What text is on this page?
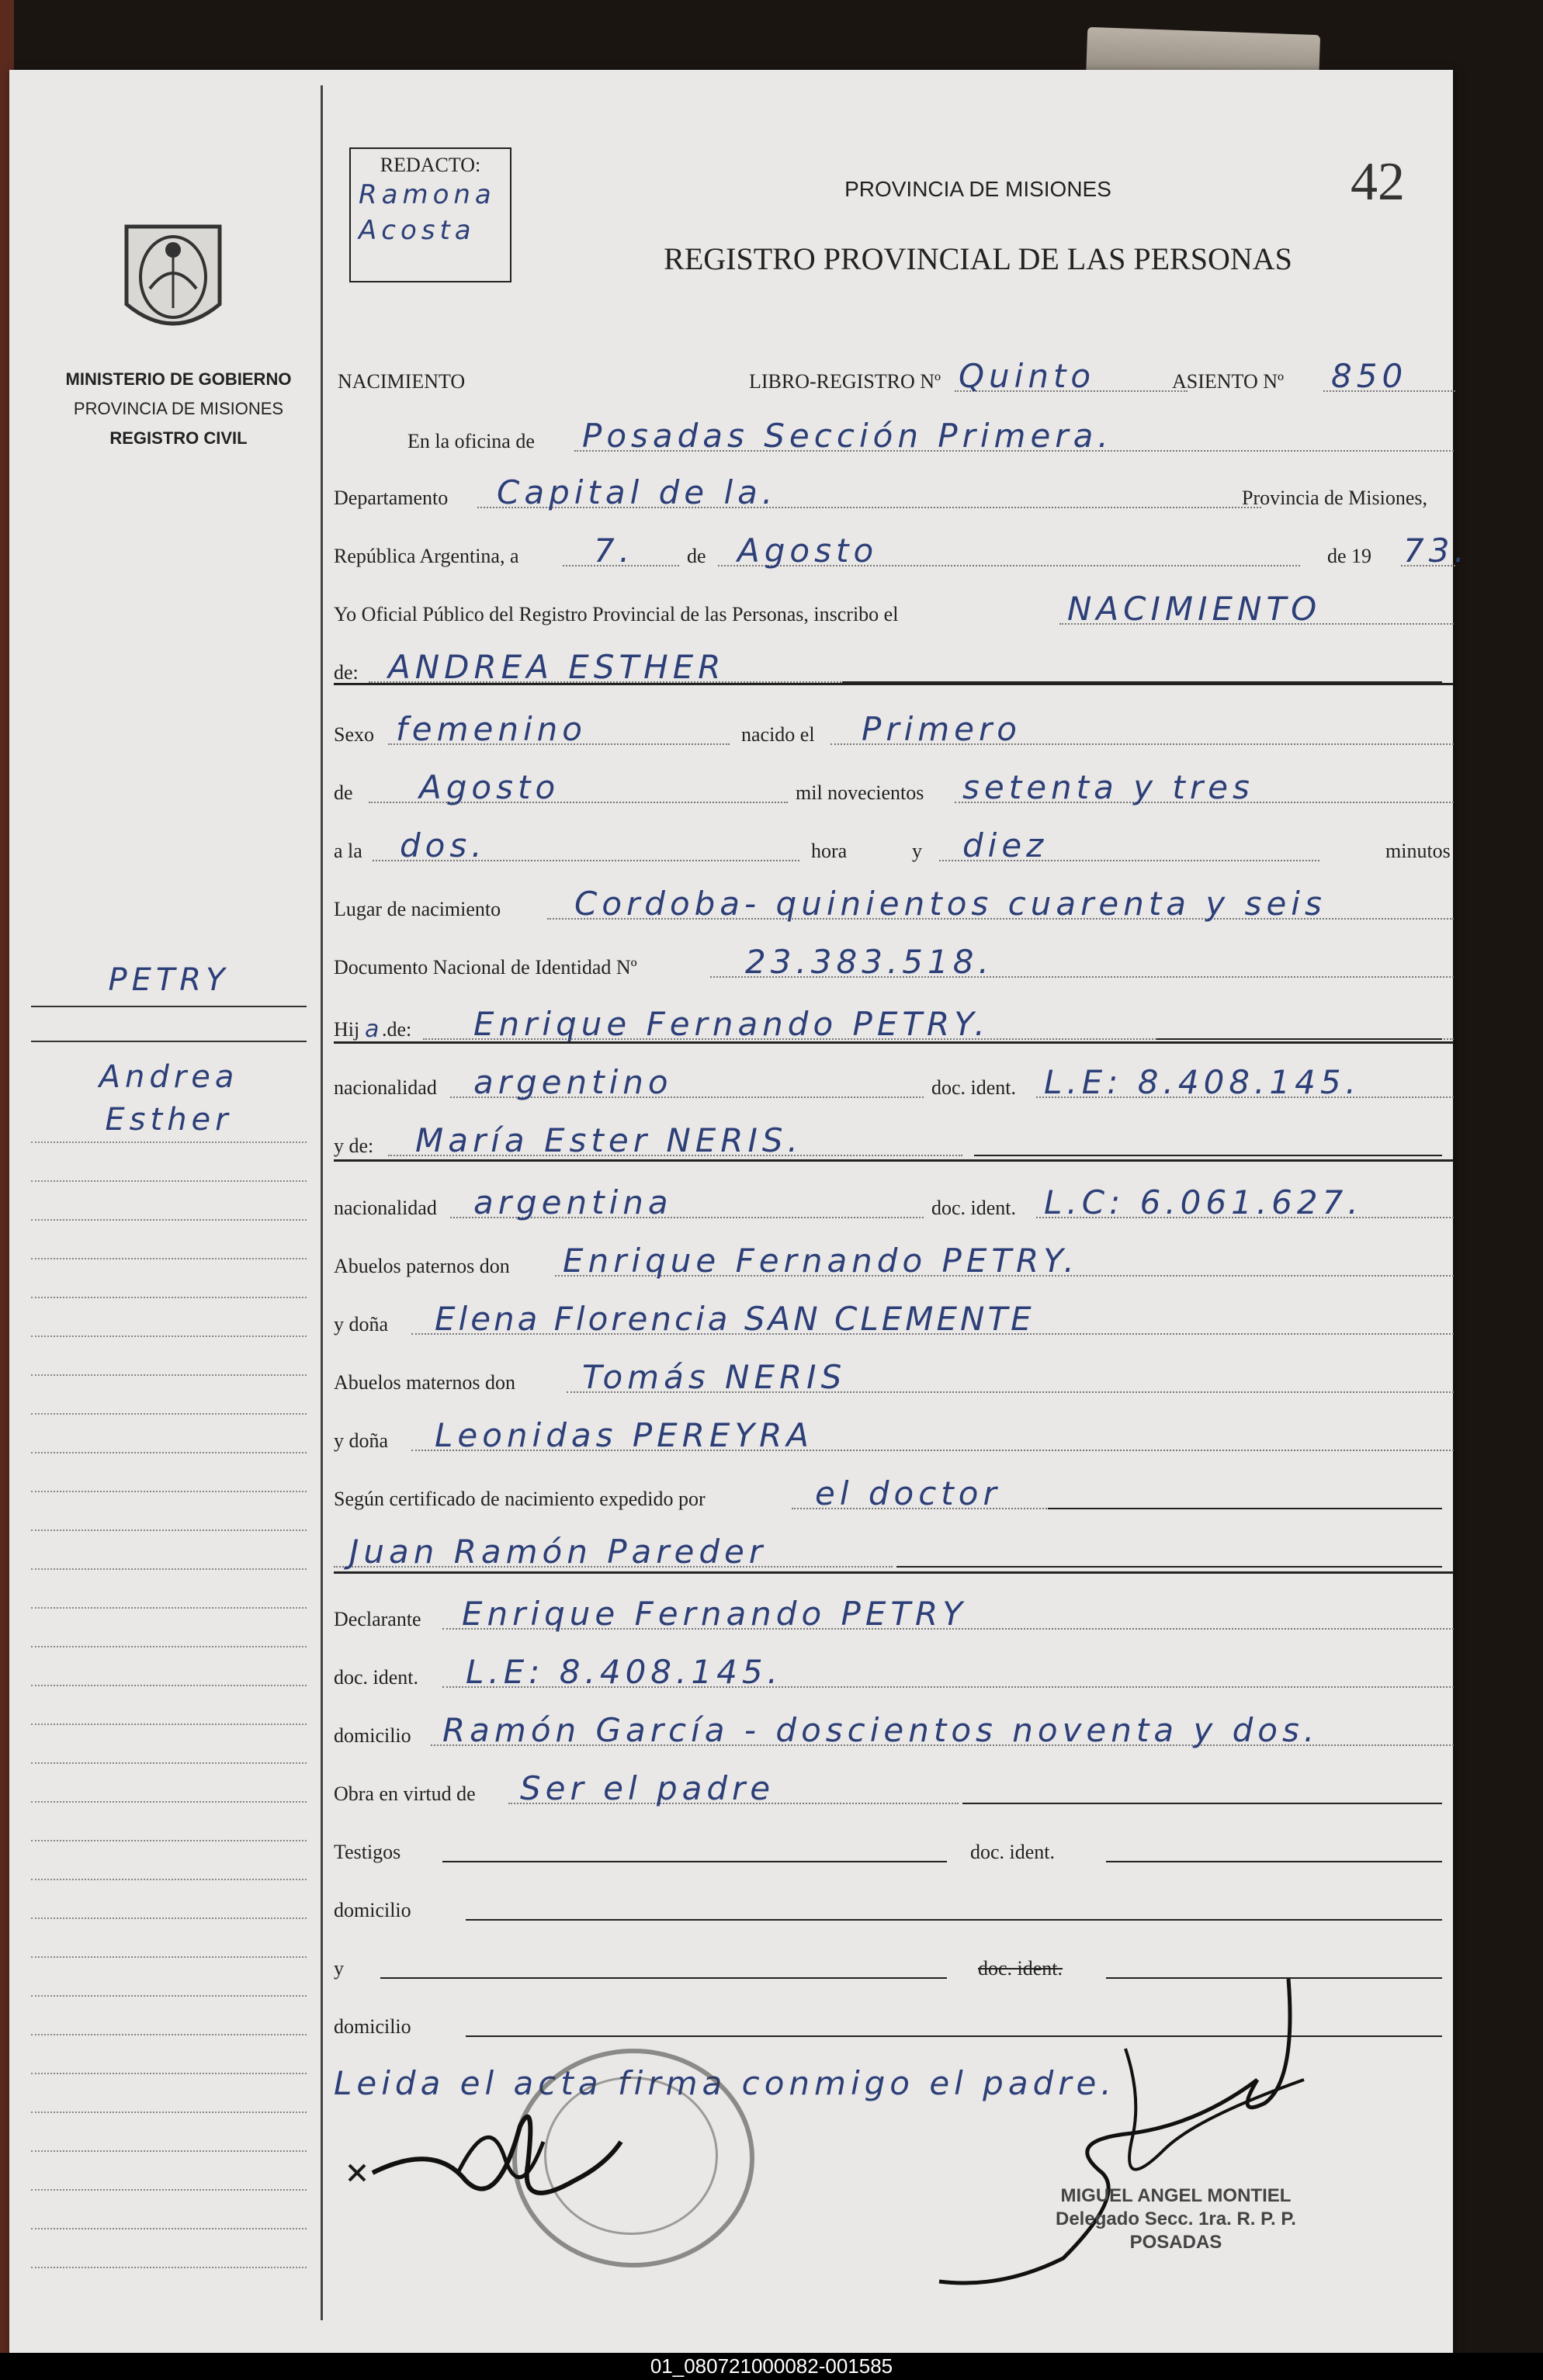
MINISTERIO DE GOBIERNO
PROVINCIA DE MISIONES
REGISTRO CIVIL
PETRY
Andrea
Esther
REDACTO:
Ramona
Acosta
PROVINCIA DE MISIONES
REGISTRO PROVINCIAL DE LAS PERSONAS
42
NACIMIENTO	LIBRO-REGISTRO Nº Quinto	ASIENTO Nº 850
En la oficina de Posadas Sección Primera.
Departamento Capital de la.	Provincia de Misiones,
República Argentina, a 7.	de Agosto	de 19 73.
Yo Oficial Público del Registro Provincial de las Personas, inscribo el	NACIMIENTO
de: ANDREA ESTHER
Sexo femenino	nacido el Primero
de Agosto	mil novecientos setenta y tres
a la dos.	hora	y diez	minutos
Lugar de nacimiento Cordoba- quinientos cuarenta y seis
Documento Nacional de Identidad Nº	23.383.518.
Hij a
.de: Enrique Fernando PETRY.
nacionalidad argentino	doc. ident. L.E: 8.408.145.
y de: María Ester NERIS.
nacionalidad argentina	doc. ident. L.C: 6.061.627.
Abuelos paternos don Enrique Fernando PETRY.
y doña Elena Florencia SAN CLEMENTE
Abuelos maternos don Tomás NERIS
y doña Leonidas PEREYRA
Según certificado de nacimiento expedido por	el doctor
Juan Ramón Pareder
Declarante Enrique Fernando PETRY
doc. ident. L.E: 8.408.145.
domicilio Ramón García - doscientos noventa y dos.
Obra en virtud de Ser el padre
Testigos	doc. ident.
domicilio
y	doc. ident.
domicilio
Leida el acta firma conmigo el padre.
MIGUEL ANGEL MONTIEL
Delegado Secc. 1ra. R. P. P.
POSADAS
01_080721000082-001585
